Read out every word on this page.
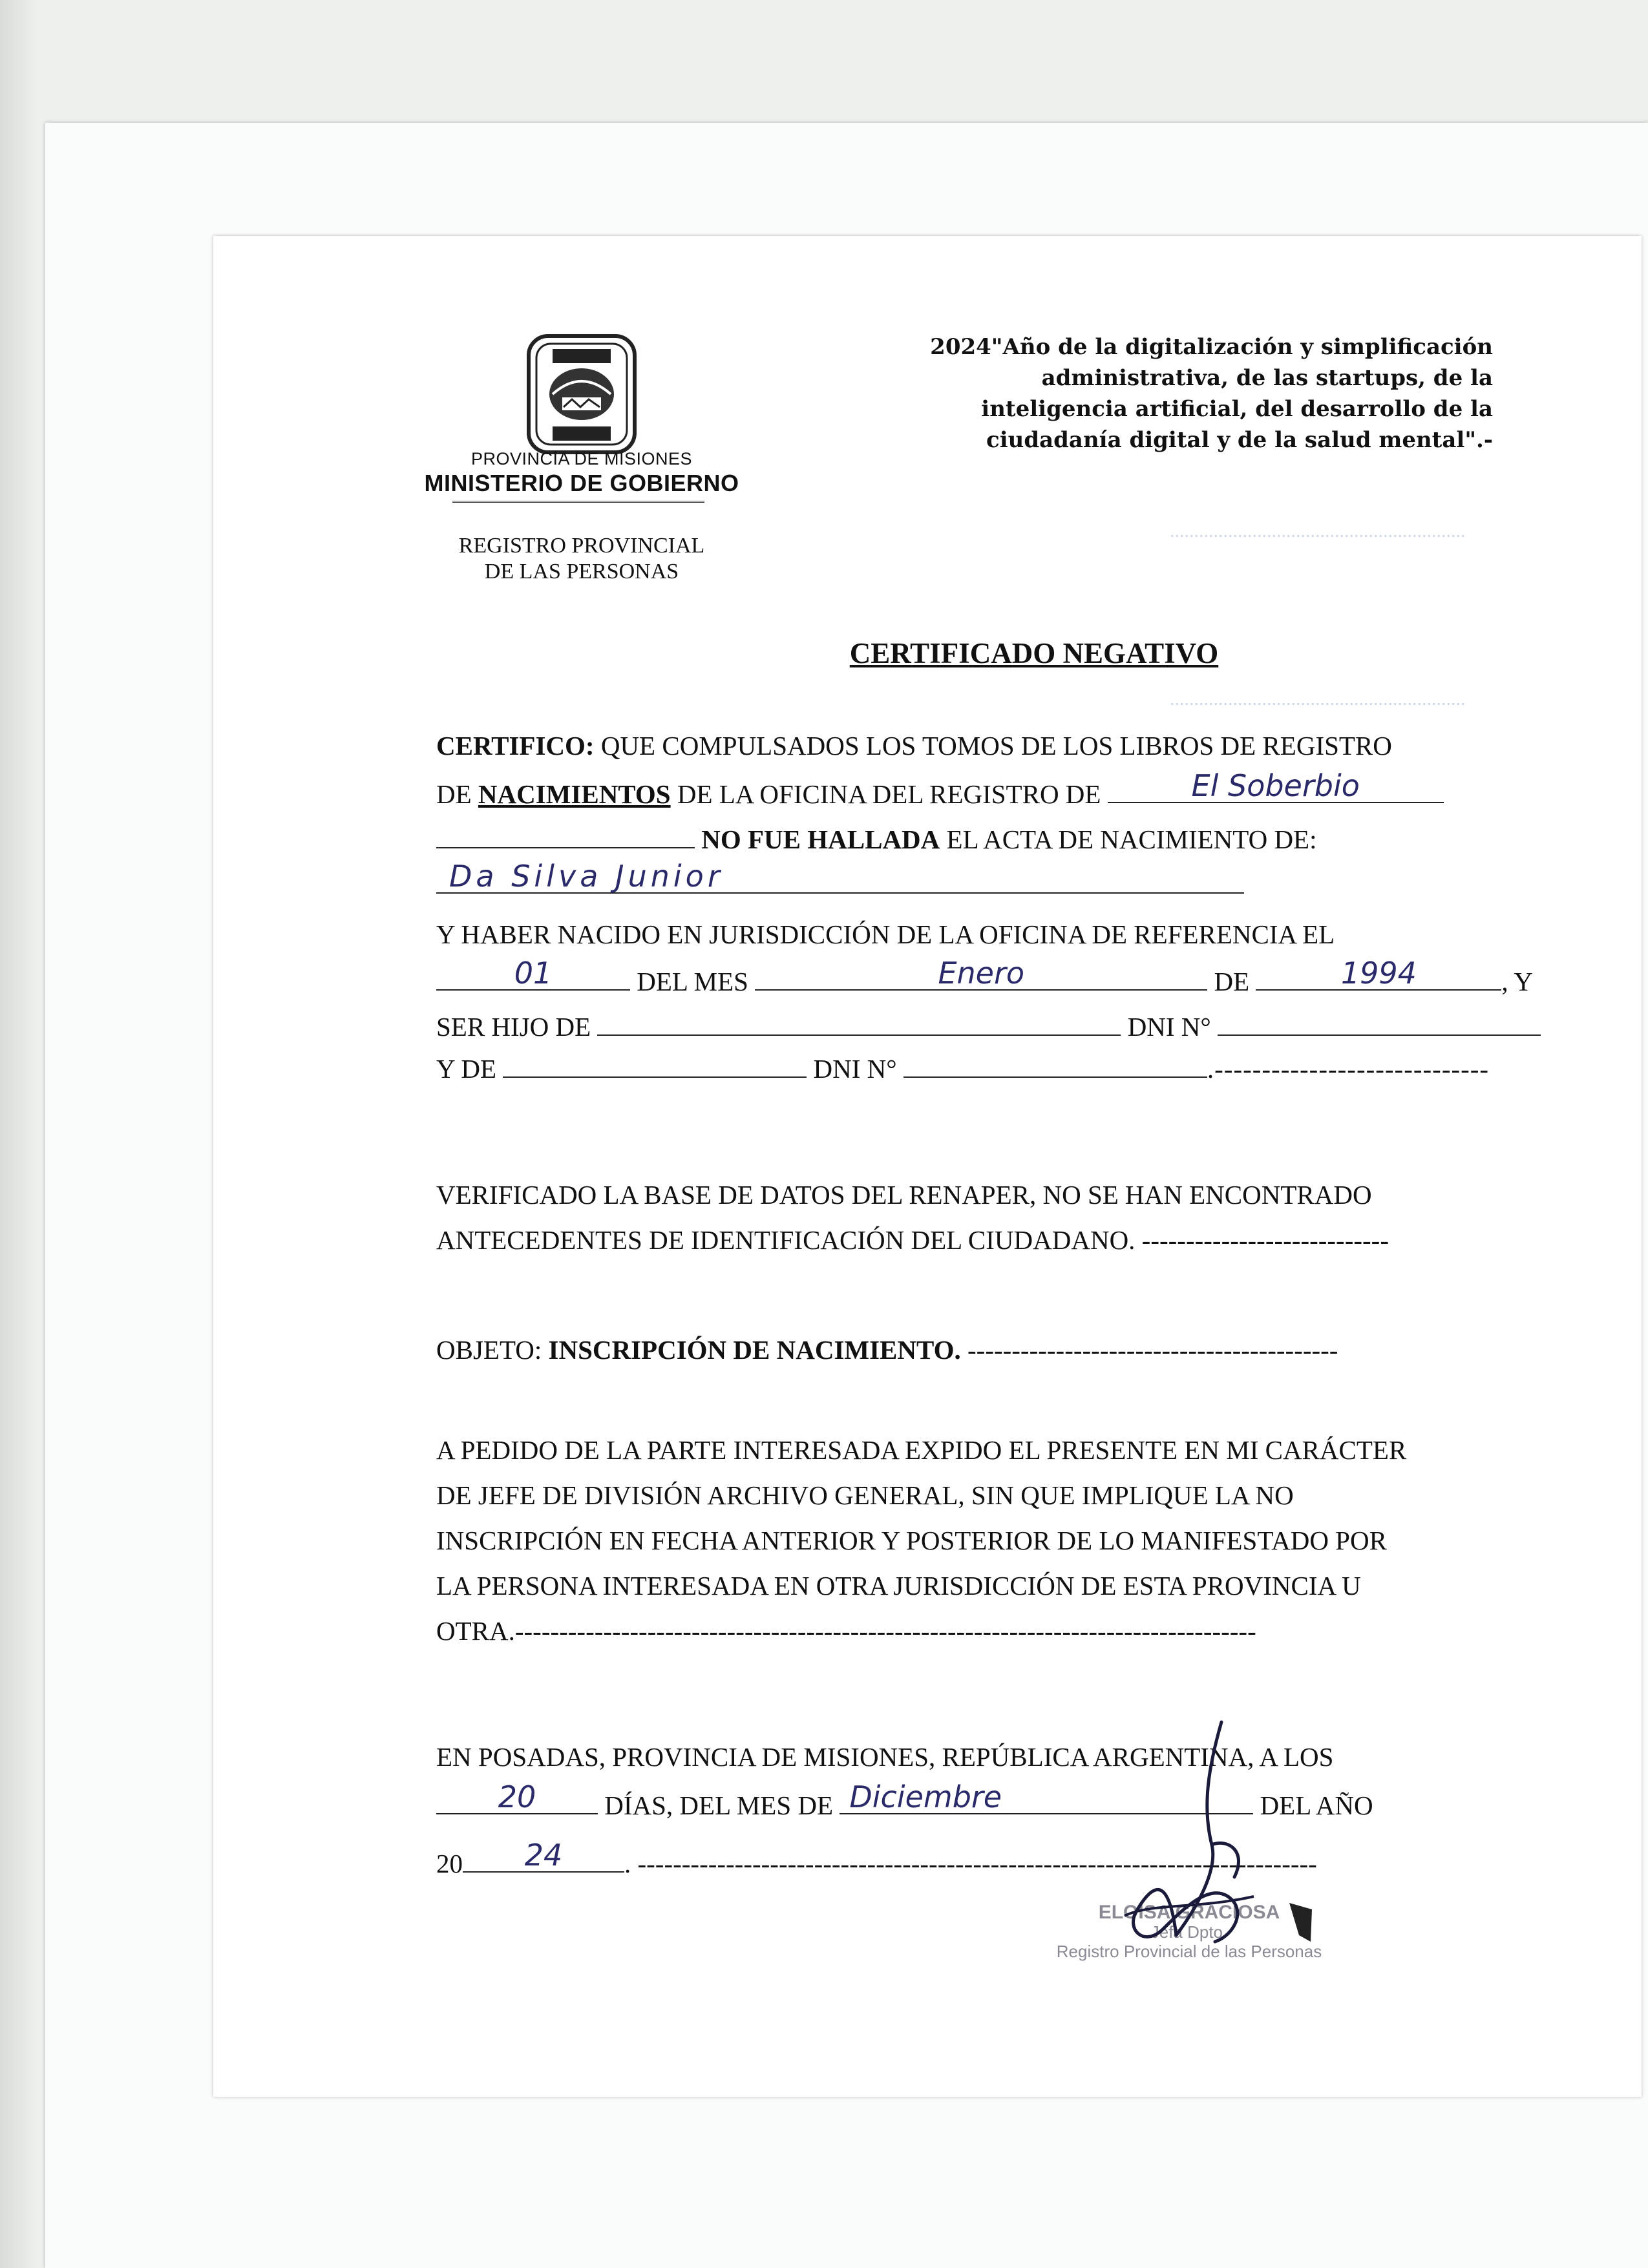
.............................................................
.............................................................
PROVINCIA DE MISIONES
MINISTERIO DE GOBIERNO
REGISTRO PROVINCIAL
DE LAS PERSONAS
2024"Año de la digitalización y simplificación
administrativa, de las startups, de la
inteligencia artificial, del desarrollo de la
ciudadanía digital y de la salud mental".-
CERTIFICADO NEGATIVO
CERTIFICO: QUE COMPULSADOS LOS TOMOS DE LOS LIBROS DE REGISTRO
DE NACIMIENTOS DE LA OFICINA DEL REGISTRO DE	El Soberbio
NO FUE HALLADA EL ACTA DE NACIMIENTO DE:
Da Silva Junior
Y HABER NACIDO EN JURISDICCIÓN DE LA OFICINA DE REFERENCIA EL
01	DEL MES	Enero	DE	1994	, Y
SER HIJO DE	DNI N°
Y DE	DNI N°	.-----------------------------
VERIFICADO LA BASE DE DATOS DEL RENAPER, NO SE HAN ENCONTRADO
ANTECEDENTES DE IDENTIFICACIÓN DEL CIUDADANO. ----------------------------
OBJETO: INSCRIPCIÓN DE NACIMIENTO. ------------------------------------------
A PEDIDO DE LA PARTE INTERESADA EXPIDO EL PRESENTE EN MI CARÁCTER
DE JEFE DE DIVISIÓN ARCHIVO GENERAL, SIN QUE IMPLIQUE LA NO
INSCRIPCIÓN EN FECHA ANTERIOR Y POSTERIOR DE LO MANIFESTADO POR
LA PERSONA INTERESADA EN OTRA JURISDICCIÓN DE ESTA PROVINCIA U
OTRA.------------------------------------------------------------------------------------
EN POSADAS, PROVINCIA DE MISIONES, REPÚBLICA ARGENTINA, A LOS
20	DÍAS, DEL MES DE Diciembre	DEL AÑO
20	24	. -----------------------------------------------------------------------------
ELOISA GRACIOSA
Jefa Dpto.
Registro Provincial de las Personas
